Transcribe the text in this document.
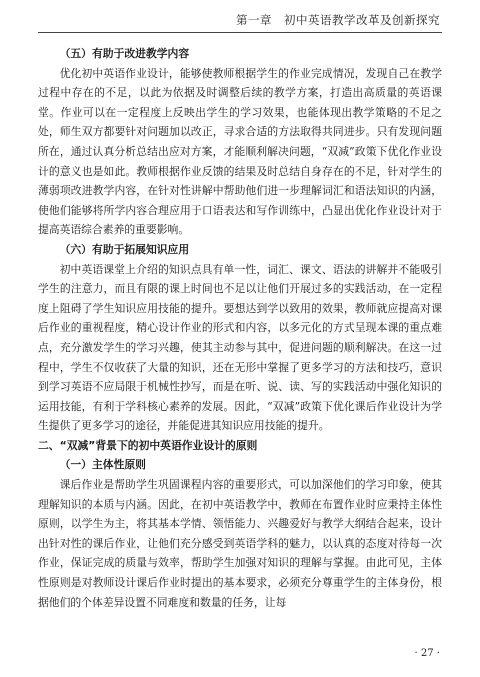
第一章　初中英语教学改革及创新探究
（五）有助于改进教学内容

优化初中英语作业设计，能够使教师根据学生的作业完成情况，发现自己在教学过程中存在的不足，以此为依据及时调整后续的教学方案，打造出高质量的英语课堂。作业可以在一定程度上反映出学生的学习效果，也能体现出教学策略的不足之处，师生双方都要针对问题加以改正，寻求合适的方法取得共同进步。只有发现问题所在，通过认真分析总结出应对方案，才能顺利解决问题，“双减”政策下优化作业设计的意义也是如此。教师根据作业反馈的结果及时总结自身存在的不足，针对学生的薄弱项改进教学内容，在针对性讲解中帮助他们进一步理解词汇和语法知识的内涵，使他们能够将所学内容合理应用于口语表达和写作训练中，凸显出优化作业设计对于提高英语综合素养的重要影响。

（六）有助于拓展知识应用

初中英语课堂上介绍的知识点具有单一性，词汇、课文、语法的讲解并不能吸引学生的注意力，而且有限的课上时间也不足以让他们开展过多的实践活动，在一定程度上阻碍了学生知识应用技能的提升。要想达到学以致用的效果，教师就应提高对课后作业的重视程度，精心设计作业的形式和内容，以多元化的方式呈现本课的重点难点，充分激发学生的学习兴趣，使其主动参与其中，促进问题的顺利解决。在这一过程中，学生不仅收获了大量的知识，还在无形中掌握了更多学习的方法和技巧，意识到学习英语不应局限于机械性抄写，而是在听、说、读、写的实践活动中强化知识的运用技能，有利于学科核心素养的发展。因此，“双减”政策下优化课后作业设计为学生提供了更多学习的途径，并能促进其知识应用技能的提升。

二、“双减”背景下的初中英语作业设计的原则
（一）主体性原则

课后作业是帮助学生巩固课程内容的重要形式，可以加深他们的学习印象，使其理解知识的本质与内涵。因此，在初中英语教学中，教师在布置作业时应秉持主体性原则，以学生为主，将其基本学情、领悟能力、兴趣爱好与教学大纲结合起来，设计出针对性的课后作业，让他们充分感受到英语学科的魅力，以认真的态度对待每一次作业，保证完成的质量与效率，帮助学生加强对知识的理解与掌握。由此可见，主体性原则是对教师设计课后作业时提出的基本要求，必须充分尊重学生的主体身份，根据他们的个体差异设置不同难度和数量的任务，让每

· 27 ·
